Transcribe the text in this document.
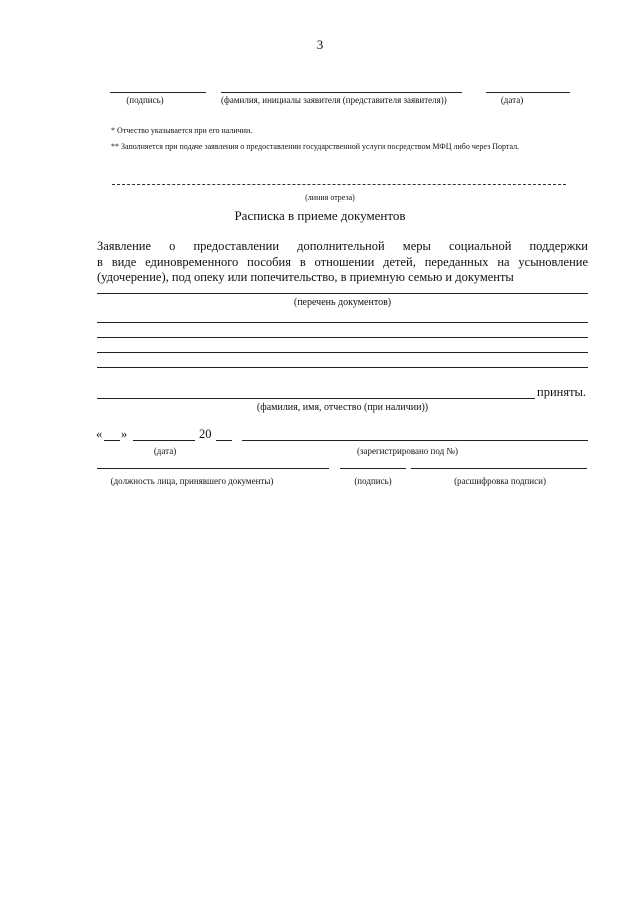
3
(подпись)	(фамилия, инициалы заявителя (представителя заявителя))	(дата)
* Отчество указывается при его наличии.
** Заполняется при подаче заявления о предоставлении государственной услуги посредством МФЦ либо через Портал.
(линия отреза)
Расписка в приеме документов
Заявление о предоставлении дополнительной меры социальной поддержки
в виде единовременного пособия в отношении детей, переданных на усыновление
(удочерение), под опеку или попечительство, в приемную семью и документы
(перечень документов)
приняты.
(фамилия, имя, отчество (при наличии))
« »	20
(дата)	(зарегистрировано под №)
(должность лица, принявшего документы)	(подпись)	(расшифровка подписи)
